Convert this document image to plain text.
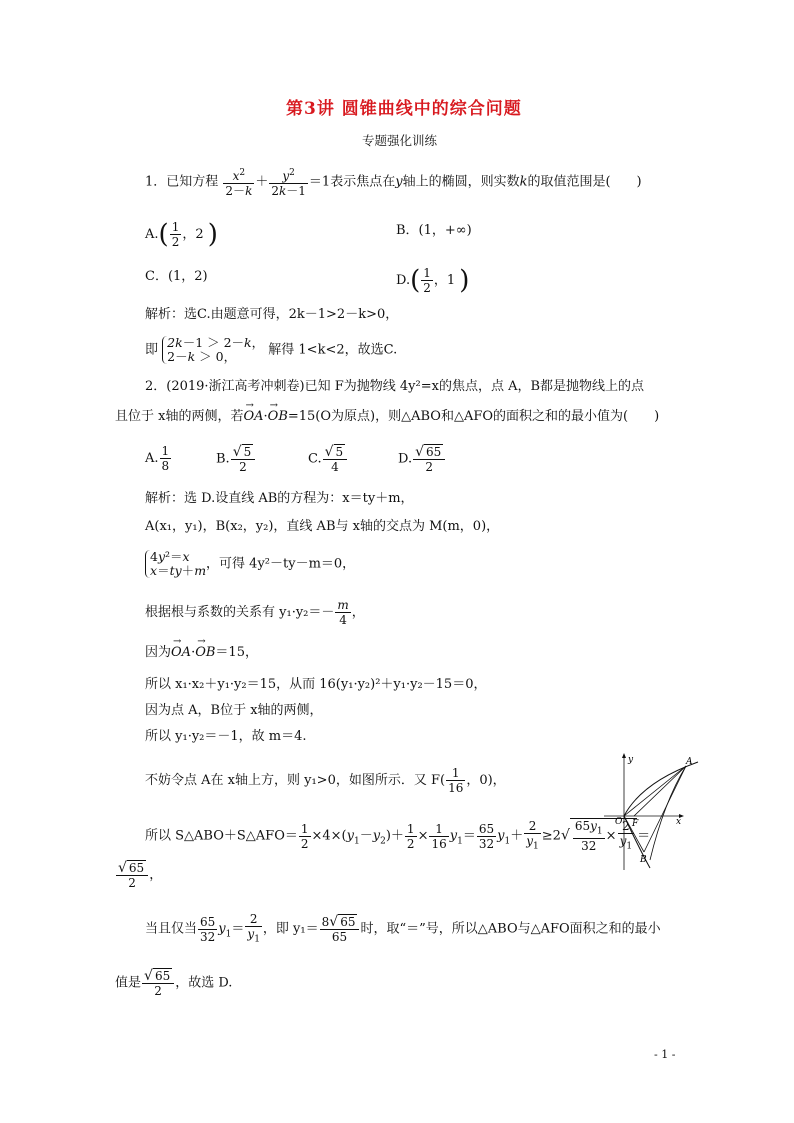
第3讲 圆锥曲线中的综合问题
专题强化训练
1．已知方程 $\frac{x^2}{2-k} + \frac{y^2}{2k-1} =1$表示焦点在y轴上的椭圆，则实数k的取值范围是(　　)
$A.( \frac{1}{2}$ ，2 )	B．(1，+∞)
C．(1，2)	$D.( \frac{1}{2}$ ，1 )
解析：选C.由题意可得，2k－1>2－k>0，
即 2k－1 ＞ 2－k，
2－k ＞ 0， 解得 1<k<2，故选C.
2．(2019·浙江高考冲刺卷)已知 F为抛物线 4y²=x的焦点，点 A，B都是抛物线上的点
且位于 x轴的两侧，若→ OA·→ OB=15(O为原点)，则△ABO和△AFO的面积之和的最小值为(　　)
A. $\frac{1}{8}$	B. $\frac{√ 5}{2}$	C. $\frac{√ 5}{4}$	D. $\frac{√ 65}{2}$
解析：选 D.设直线 AB的方程为：x＝ty＋m，
A(x₁，y₁)，B(x₂，y₂)，直线 AB与 x轴的交点为 M(m，0)，
4y²＝x
x＝ty＋m，可得 4y²－ty－m＝0，
根据根与系数的关系有 $y_1\cdot y_2=- \frac{m}{4}$ ，
因为→ OA·→ OB＝15，
所以 x₁·x₂＋y₁·y₂＝15，从而 16(y₁·y₂)²＋y₁·y₂－15＝0，
因为点 A，B位于 x轴的两侧，
所以 y₁·y₂＝－1，故 m＝4.
不妨令点 A在 x轴上方，则 y₁>0，如图所示．又 $F( \frac{1}{16}$ ，0)，
所以 S△ABO＋S△AFO＝ $\frac{1}{2} \times 4\times(y_1-y_2)+ \frac{1}{2} \times \frac{1}{16} y_1= \frac{65}{32} y_1+ \frac{2}{y_1} \ge 2√ \frac{65y_1}{32} \times \frac{2}{y_1}$ ＝
$\frac{√ 65}{2}$ ，
当且仅当 $\frac{65}{32} y_1= \frac{2}{y_1}$ ，即 $y_1= \frac{8√ 65}{65}$ 时，取“＝”号，所以△ABO与△AFO面积之和的最小
值是 $\frac{√ 65}{2}$ ，故选 D.
y	A
O F	x
B
- 1 -
